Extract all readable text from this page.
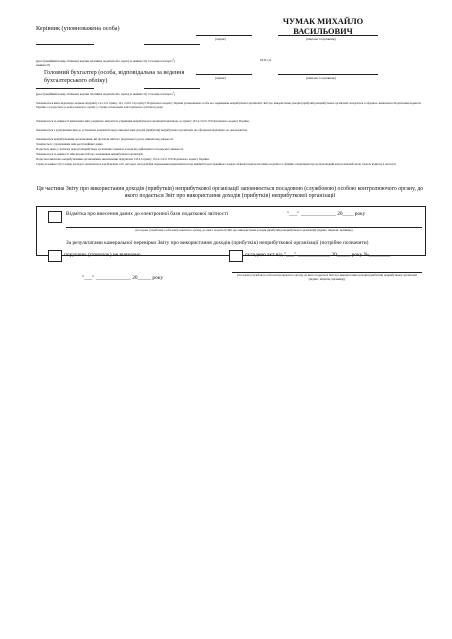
Керівник (уповноважена особа)
ЧУМАК МИХАЙЛО
ВАСИЛЬОВИЧ
(підпис)	(ініціали та прізвище)
(реєстраційний номер облікової картки платника податків або серія (за наявності) та номер паспорта$^5$)	М.П. (за
наявності)
Головний бухгалтер (особа, відповідальна за ведення
бухгалтерського обліку)	(підпис)	(ініціали та прізвище)
(реєстраційний номер облікової картки платника податків або серія (за наявності) та номер паспорта$^5$)
Заповнюється якщо відповідно нормам підпункту 14.1.121 пункту 14.1 статті 14 розділу І Податкового кодексу України уповноважена особа не є керівником неприбуткової організації. Звіт про використання доходів (прибутків) неприбуткової організації складається за формою, визначеною Податковим кодексом України, та подається до контролюючого органу у строки, встановлені для податкового (звітного) року.
Заповнюється за наявності визначених змін у видатках, витрати на утримання неприбуткової організації відповідно до пункту 133.4 статті 133 Податкового кодексу України.
Заповнюється з урахуванням змін до установчих документів щодо використання доходів (прибутків) неприбуткової організації, що оформлені відповідно до законодавства.
Заповнюється неприбутковими організаціями, які протягом звітного (податкового) року змінили вид діяльності.
Зазначається з урахуванням змін реєстраційних даних.
Подається, якщо у звітному періоді неприбуткова організація отримала доходи від здійснення господарської діяльності.
Заповнюється за наявності змін відомостей про засновників неприбуткової організації.
Подається виключно неприбутковими організаціями, визначеними підпунктом 133.4.6 пункту 133.4 статті 133 Податкового кодексу України.
Серія (за наявності) та номер паспорта зазначаються для фізичних осіб, які через свої релігійні переконання відмовляються від прийняття реєстраційного номера облікової картки платника податків та офіційно повідомили про це відповідний контролюючий орган і мають відмітку в паспорті.
Ця частина Звіту про використання доходів (прибутків) неприбуткової організації заповнюється посадовою (службовою) особою контролюючого органу, до якого подається Звіт про використання доходів (прибутків) неприбуткової організації
Відмітка про внесення даних до електронної бази податкової звітності	"___" _____________ 20____ року
(посадова (службова) особа контролюючого органу, до якого подається Звіт про використання доходів (прибутків) неприбуткової організації) (підпис, ініціали, прізвище)
За результатами камеральної перевірки Звіту про використання доходів (прибутків) неприбуткової організації (потрібне позначити)
порушень (помилок) не виявлено	складено акт від "___" ____________ 20_____ року №________
"___" _____________ 20_____ року	(посадова (службова) особа контролюючого органу, до якого подається Звіт про використання доходів (прибутків) неприбуткової організації (підпис, ініціали, прізвище))
